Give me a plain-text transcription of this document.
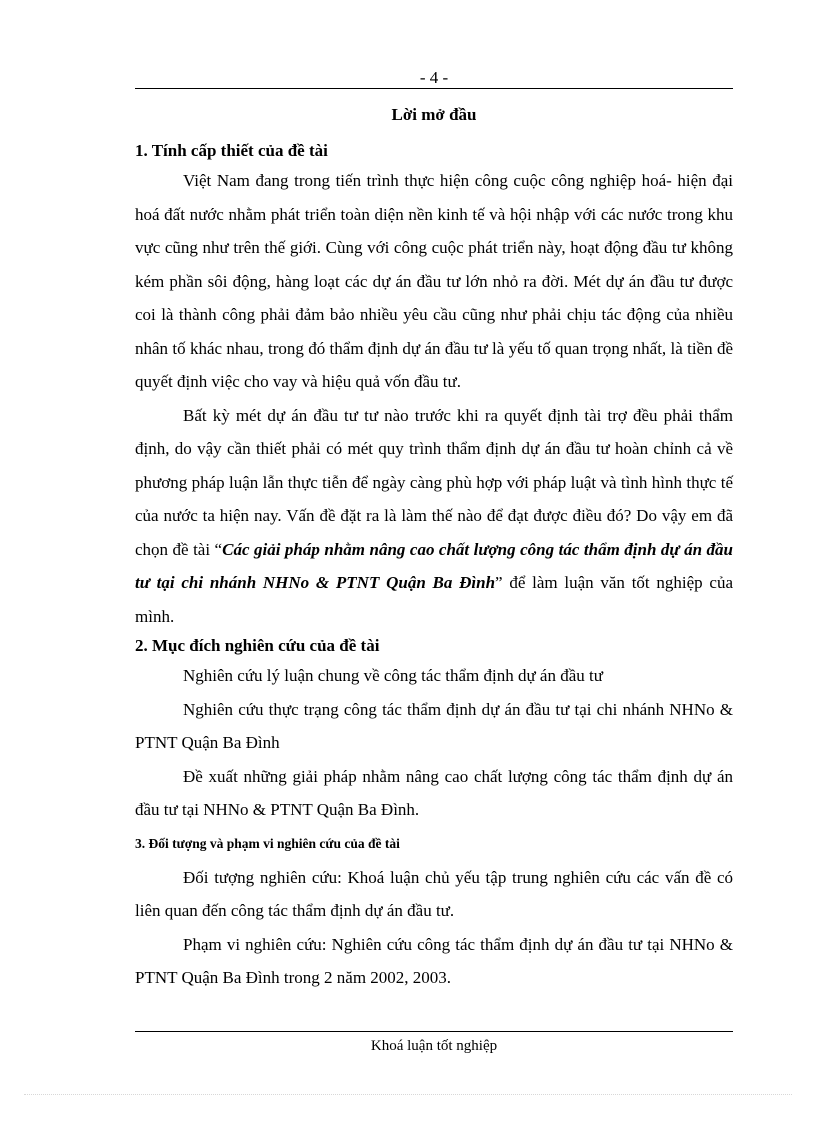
- 4 -
Lời mở đầu
1. Tính cấp thiết của đề tài

Việt Nam đang trong tiến trình thực hiện công cuộc công nghiệp hoá- hiện đại hoá đất nước nhằm phát triển toàn diện nền kinh tế và hội nhập với các nước trong khu vực cũng như trên thế giới. Cùng với công cuộc phát triển này, hoạt động đầu tư không kém phần sôi động, hàng loạt các dự án đầu tư lớn nhỏ ra đời. Mét dự án đầu tư được coi là thành công phải đảm bảo nhiều yêu cầu cũng như phải chịu tác động của nhiều nhân tố khác nhau, trong đó thẩm định dự án đầu tư là yếu tố quan trọng nhất, là tiền đề quyết định việc cho vay và hiệu quả vốn đầu tư.

Bất kỳ mét dự án đầu tư tư nào trước khi ra quyết định tài trợ đều phải thẩm định, do vậy cần thiết phải có mét quy trình thẩm định dự án đầu tư hoàn chỉnh cả về phương pháp luận lẫn thực tiễn để ngày càng phù hợp với pháp luật và tình hình thực tế của nước ta hiện nay. Vấn đề đặt ra là làm thế nào để đạt được điều đó? Do vậy em đã chọn đề tài “Các giải pháp nhằm nâng cao chất lượng công tác thẩm định dự án đầu tư tại chi nhánh NHNo & PTNT Quận Ba Đình” để làm luận văn tốt nghiệp của mình.

2. Mục đích nghiên cứu của đề tài

Nghiên cứu lý luận chung về công tác thẩm định dự án đầu tư

Nghiên cứu thực trạng công tác thẩm định dự án đầu tư tại chi nhánh NHNo & PTNT Quận Ba Đình

Đề xuất những giải pháp nhằm nâng cao chất lượng công tác thẩm định dự án đầu tư tại NHNo & PTNT Quận Ba Đình.

3. Đối tượng và phạm vi nghiên cứu của đề tài

Đối tượng nghiên cứu: Khoá luận chủ yếu tập trung nghiên cứu các vấn đề có liên quan đến công tác thẩm định dự án đầu tư.

Phạm vi nghiên cứu: Nghiên cứu công tác thẩm định dự án đầu tư tại NHNo & PTNT Quận Ba Đình trong 2 năm 2002, 2003.

Khoá luận tốt nghiệp
